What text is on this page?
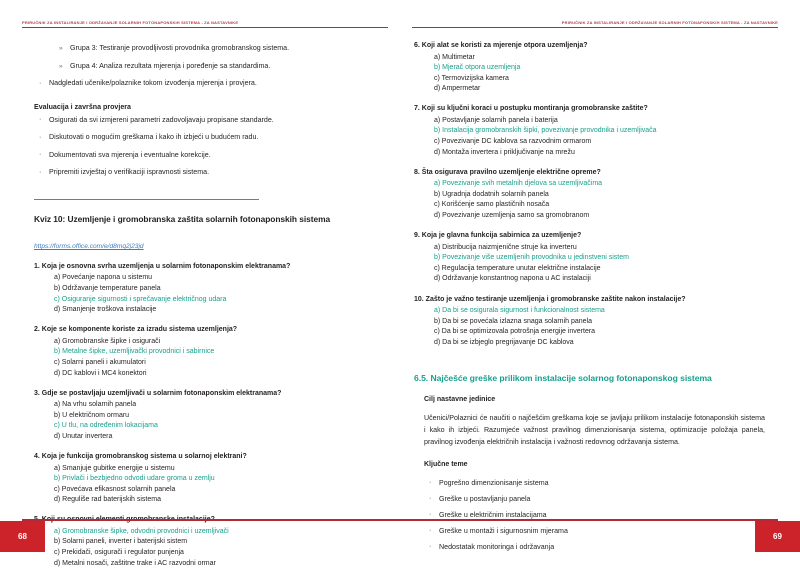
PRIRUČNIK ZA INSTALIRANJE I ODRŽAVANJE SOLARNIH FOTONAPONSKIH SISTEMA - ZA NASTAVNIKE
» Grupa 3: Testiranje provodljivosti provodnika gromobranskog sistema.
» Grupa 4: Analiza rezultata mjerenja i poređenje sa standardima.
· Nadgledati učenike/polaznike tokom izvođenja mjerenja i provjera.
Evaluacija i završna provjera
· Osigurati da svi izmjereni parametri zadovoljavaju propisane standarde.
· Diskutovati o mogućim greškama i kako ih izbjeći u budućem radu.
· Dokumentovati sva mjerenja i eventualne korekcije.
· Pripremiti izvještaj o verifikaciji ispravnosti sistema.
Kviz 10: Uzemljenje i gromobranska zaštita solarnih fotonaponskih sistema
https://forms.office.com/e/d8mq2j23jd
1. Koja je osnovna svrha uzemljenja u solarnim fotonaponskim elektranama?
a) Povećanje napona u sistemu
b) Održavanje temperature panela
c) Osiguranje sigurnosti i sprečavanje električnog udara
d) Smanjenje troškova instalacije
2. Koje se komponente koriste za izradu sistema uzemljenja?
a) Gromobranske šipke i osigurači
b) Metalne šipke, uzemljivački provodnici i sabirnice
c) Solarni paneli i akumulatori
d) DC kablovi i MC4 konektori
3. Gdje se postavljaju uzemljivači u solarnim fotonaponskim elektranama?
a) Na vrhu solarnih panela
b) U električnom ormaru
c) U tlu, na određenim lokacijama
d) Unutar invertera
4. Koja je funkcija gromobranskog sistema u solarnoj elektrani?
a) Smanjuje gubitke energije u sistemu
b) Privlači i bezbjedno odvodi udare groma u zemlju
c) Povećava efikasnost solarnih panela
d) Reguliše rad baterijskih sistema
a) Gromobranske šipke, odvodni provodnici i uzemljivači
b) Solarni paneli, inverter i baterijski sistem
c) Prekidači, osigurači i regulator punjenja
d) Metalni nosači, zaštitne trake i AC razvodni ormar
68
PRIRUČNIK ZA INSTALIRANJE I ODRŽAVANJE SOLARNIH FOTONAPONSKIH SISTEMA - ZA NASTAVNIKE
6. Koji alat se koristi za mjerenje otpora uzemljenja?
a) Multimetar
b) Mjerač otpora uzemljenja
c) Termovizijska kamera
d) Ampermetar
7. Koji su ključni koraci u postupku montiranja gromobranske zaštite?
a) Postavljanje solarnih panela i baterija
b) Instalacija gromobranskih šipki, povezivanje provodnika i uzemljivača
c) Povezivanje DC kablova sa razvodnim ormarom
d) Montaža invertera i priključivanje na mrežu
8. Šta osigurava pravilno uzemljenje električne opreme?
a) Povezivanje svih metalnih djelova sa uzemljivačima
b) Ugradnja dodatnih solarnih panela
c) Korišćenje samo plastičnih nosača
d) Povezivanje uzemljenja samo sa gromobranom
9. Koja je glavna funkcija sabirnica za uzemljenje?
a) Distribucija naizmjenične struje ka inverteru
b) Povezivanje više uzemljenih provodnika u jedinstveni sistem
c) Regulacija temperature unutar električne instalacije
d) Održavanje konstantnog napona u AC instalaciji
10. Zašto je važno testiranje uzemljenja i gromobranske zaštite nakon instalacije?
a) Da bi se osigurala sigurnost i funkcionalnost sistema
b) Da bi se povećala izlazna snaga solarnih panela
c) Da bi se optimizovala potrošnja energije invertera
d) Da bi se izbjeglo pregrijavanje DC kablova
6.5. Najčešće greške prilikom instalacije solarnog fotonaponskog sistema
Cilj nastavne jedinice
Učenici/Polaznici će naučiti o najčešćim greškama koje se javljaju prilikom instalacije fotonaponskih sistema i kako ih izbjeći. Razumjeće važnost pravilnog dimenzionisanja sistema, optimizacije položaja panela, pravilnog izvođenja električnih instalacija i važnosti redovnog održavanja sistema.
Ključne teme
· Pogrešno dimenzionisanje sistema
· Greške u postavljanju panela
· Greške u električnim instalacijama
· Greške u montaži i sigurnosnim mjerama
· Nedostatak monitoringa i održavanja
69
